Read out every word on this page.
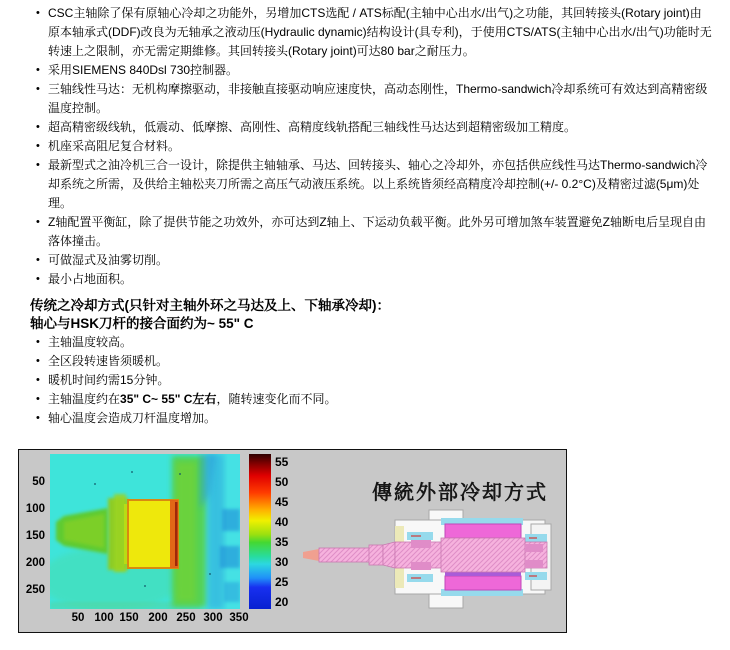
• CSC主轴除了保有原轴心冷却之功能外，另增加CTS选配 / ATS标配(主轴中心出水/出气)之功能，其回转接头(Rotary joint)由原本轴承式(DDF)改良为无轴承之液动压(Hydraulic dynamic)结构设计(具专利)，于使用CTS/ATS(主轴中心出水/出气)功能时无转速上之限制，亦无需定期維修。其回转接头(Rotary joint)可达80 bar之耐压力。
• 采用SIEMENS 840Dsl 730控制器。
• 三轴线性马达：无机构摩擦驱动，非接触直接驱动响应速度快，高动态刚性，Thermo-sandwich冷却系统可有效达到高精密级温度控制。
• 超高精密级线轨，低震动、低摩擦、高刚性、高精度线轨搭配三轴线性马达达到超精密级加工精度。
• 机座采高阻尼复合材料。
• 最新型式之油冷机三合一设计，除提供主轴轴承、马达、回转接头、轴心之冷却外，亦包括供应线性马达Thermo-sandwich冷却系统之所需，及供给主轴松夹刀所需之高压气动液压系统。以上系统皆须经高精度冷却控制(+/- 0.2°C)及精密过滤(5μm)处理。
• Z轴配置平衡缸，除了提供节能之功效外，亦可达到Z轴上、下运动负载平衡。此外另可增加煞车装置避免Z轴断电后呈现自由落体撞击。
• 可做湿式及油雾切削。
• 最小占地面积。
传统之冷却方式(只针对主轴外环之马达及上、下轴承冷却)：
轴心与HSK刀杆的接合面约为~ 55" C
• 主轴温度较高。
• 全区段转速皆须暖机。
• 暖机时间约需15分钟。
• 主轴温度约在35" C~ 55" C左右，随转速变化而不同。
• 轴心温度会造成刀杆温度增加。
50
100
150
200
250
50 100 150 200 250 300 350
55
50
45
40
35
30
25
20
傳統外部冷却方式
